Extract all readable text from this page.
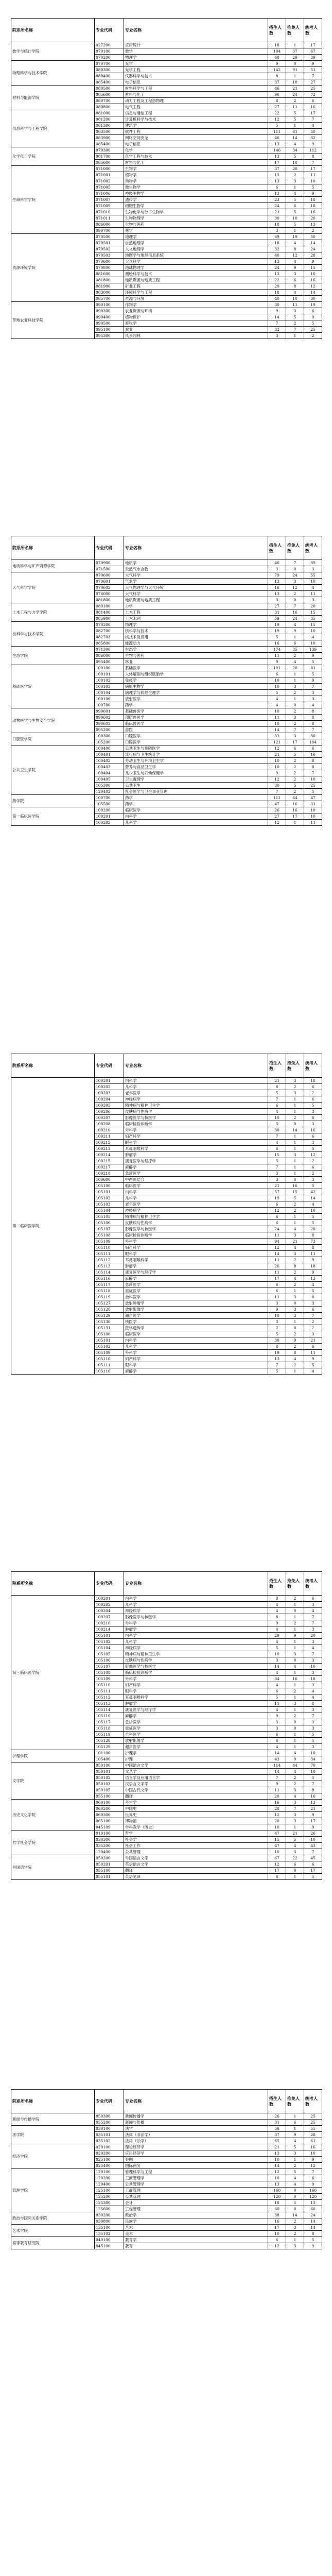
院系所名称	专业代码	专业名称	招生人数	推免人数	统考人数
数学与统计学院	027200	应用统计	18	1	17
	070100	数学	104	37	67
	070200	物理学	68	29	39
物理科学与技术学院	070700	光学	9	0	9
	080300	光学工程	142	91	51
	080400	仪器科学与技术	8	1	7
	085400	电子信息	37	10	27
材料与能源学院	080500	材料科学与工程	46	21	25
	085600	材料与化工	96	24	72
	080700	动力工程及工程热物理	8	2	6
	080800	电气工程	27	11	16
信息科学与工程学院	081000	信息与通信工程	22	5	17
	081200	计算机科学与技术	12	5	7
	081300	建筑学	5	1	4
	083500	软件工程	111	61	50
	083900	网络空间安全	46	14	32
	085400	电子信息	13	4	9
化学化工学院	070300	化学	146	34	112
	081700	化学工程与技术	13	5	8
	085600	材料与化工	17	10	7
生命科学学院	071000	生物学	37	20	17
	071001	植物学	13	2	11
	071002	动物学	13	3	10
	071005	微生物学	6	1	5
	071006	神经生物学	13	4	9
	071007	遗传学	23	5	18
	071009	细胞生物学	24	6	18
	071010	生物化学与分子生物学	21	5	16
	071011	生物物理学	30	10	20
	086000	生物与医药	18	5	13
	090700	林学	3	1	2
资源环境学院	070500	地理学	69	19	50
	070501	自然地理学	18	4	14
	070502	人文地理学	32	8	24
	070503	地图学与地理信息系统	40	12	28
	070600	大气科学	13	4	9
	070800	地球物理学	24	9	15
	081600	测绘科学与技术	13	3	10
	081800	地质资源与地质工程	22	6	16
	081900	矿业工程	20	8	12
	083000	环境科学与工程	18	4	14
	085700	资源与环境	40	10	30
草地农业科技学院	090100	作物学	30	11	19
	090300	农业资源与环境	9	3	6
	090400	植物保护	14	5	9
	090500	畜牧学	7	2	5
	095100	农业	32	7	25
	095300	风景园林	3	1	2
院系所名称	专业代码	专业名称	招生人数	推免人数	统考人数
地质科学与矿产资源学院	070900	地质学	46	7	39
	071500	天然气水合物	3	0	3
大气科学学院	070600	大气科学	79	24	55
	070601	气象学	13	3	10
	070602	大气物理学与大气环境	16	12	4
	076000	大气科学	13	2	11
	081800	地质资源与地质工程	3	0	3
土木工程与力学学院	080100	力学	27	7	20
	081400	土木工程	31	16	15
	085900	土木水利	59	24	35
核科学与技术学院	070200	物理学	19	4	15
	082700	核科学与技术	19	9	10
	082703	核技术及应用	5	1	4
	085800	能源动力	16	6	10
生态学院	071300	生态学	174	35	139
	086000	生物与医药	11	2	9
	095400	林业	9	4	5
基础医学院	100100	基础医学	101	20	81
	100101	人体解剖与组织胚胎学	6	1	5
	100102	免疫学	10	1	9
	100103	病原生物学	10	3	7
	100104	病理学与病理生理学	5	2	3
	100106	放射医学	4	1	3
	100700	药学	4	0	4
动物医学与生物安全学院	090601	基础兽医学	10	2	8
	090602	预防兽医学	11	3	8
	090603	临床兽医学	10	2	8
	095200	兽医	14	7	7
口腔医学院	100300	口腔医学	33	3	30
	105200	口腔医学	121	17	104
公共卫生学院	100400	公共卫生与预防医学	12	6	6
	100401	流行病与卫生统计学	21	5	16
	100402	劳动卫生与环境卫生学	10	2	8
	100403	营养与食品卫生学	10	2	8
	100404	儿少卫生与妇幼保健学	9	2	7
	100405	卫生毒理学	12	2	10
	105300	公共卫生	30	5	25
	120402	社会医学与卫生事业管理	7	2	5
药学院	100700	药学	111	64	47
	105500	药学	47	16	31
第一临床医学院	100200	临床医学	26	16	10
	100201	内科学	27	17	10
	100202	儿科学	12	1	11
院系所名称	专业代码	专业名称	招生人数	推免人数	统考人数
第二临床医学院	100201	内科学	21	3	18
	100202	儿科学	8	2	6
	100203	老年医学	5	3	2
	100204	神经病学	7	1	6
	100205	精神病与精神卫生学	6	1	5
	100206	皮肤病与性病学	4	1	3
	100207	影像医学与核医学	10	2	8
	100208	临床检验诊断学	3	0	3
	100210	外科学	30	14	16
	100211	妇产科学	7	1	6
	100212	眼科学	4	1	3
	100213	耳鼻咽喉科学	6	1	5
	100214	肿瘤学	15	3	12
	100215	康复医学与理疗学	3	1	2
	100217	麻醉学	7	1	6
	100218	急诊医学	3	1	2
	100600	中西医结合	3	0	3
	105100	临床医学	21	16	5
	105101	内科学	57	15	42
	105102	儿科学	19	5	14
	105103	老年医学	6	2	4
	105104	神经病学	12	2	10
	105105	精神病与精神卫生学	6	1	5
	105106	皮肤病与性病学	6	1	5
	105107	影像医学与核医学	24	4	20
	105108	临床检验诊断学	11	3	8
	105109	外科学	94	21	73
	105110	妇产科学	12	4	8
	105111	眼科学	14	3	11
	105112	耳鼻咽喉科学	11	2	9
	105113	肿瘤学	26	8	18
	105114	康复医学与理疗学	11	2	9
	105116	麻醉学	17	4	13
	105117	急诊医学	6	2	4
	105118	重症医学	6	1	5
	105119	全科医学	11	3	8
	105127	放射肿瘤学	3	0	3
	105128	放射影像学	9	3	6
	105129	超声医学	10	3	7
	105130	核医学	3	1	2
	105131	医学遗传学	2	0	2
	105100	临床医学	5	2	3
	105101	内科学	30	9	21
	105102	儿科学	8	2	6
	105109	外科学	19	8	11
	105110	妇产科学	13	4	9
	105111	眼科学	7	2	5
	105116	麻醉学	5	1	4
院系所名称	专业代码	专业名称	招生人数	推免人数	统考人数
第三临床医学院	100201	内科学	8	2	6
	100202	儿科学	4	1	3
	100204	神经病学	4	0	4
	100207	影像医学与核医学	8	1	7
	100210	外科学	9	2	7
	100214	肿瘤学	4	1	3
	105101	内科学	29	9	20
	105102	儿科学	4	1	3
	105104	神经病学	5	1	4
	105105	精神病与精神卫生学	10	3	7
	105106	皮肤病与性病学	3	0	3
	105107	影像医学与核医学	14	4	10
	105108	临床检验诊断学	4	1	3
	105109	外科学	34	16	18
	105110	妇产科学	4	1	3
	105111	眼科学	6	2	4
	105112	耳鼻咽喉科学	5	1	4
	105113	肿瘤学	11	3	8
	105114	康复医学与理疗学	4	1	3
	105116	麻醉学	9	2	7
	105117	急诊医学	3	0	3
	105118	重症医学	3	0	3
	105119	全科医学	6	1	5
	105128	放射影像学	6	1	5
	105129	超声医学	4	1	3
护理学院	101100	护理学	14	4	10
	105400	护理	43	9	34
文学院	050100	中国语言文学	114	44	70
	050101	文艺学	14	4	10
	050102	语言学及应用语言学	7	2	5
	050103	汉语言文字学	9	2	7
	050105	中国古代文学	11	3	8
	055100	翻译	20	4	16
历史文化学院	060100	考古学	16	3	13
	060200	中国史	28	7	21
	060300	世界史	12	3	9
	065100	博物馆	20	3	17
	045109	学科教学（历史）	10	1	9
哲学社会学院	010100	哲学	47	21	26
	030300	社会学	15	5	10
	035200	社会工作	47	4	43
	120400	公共管理	10	3	7
外国语学院	050200	外国语言文学	67	22	45
	050201	英语语言文学	12	6	6
	055100	翻译	17	0	17
	055101	英语笔译	6	1	5
院系所名称	专业代码	专业名称	招生人数	推免人数	统考人数
新闻与传播学院	050300	新闻传播学	26	1	25
	055200	新闻与传播	31	6	25
法学院	030100	法学	56	1	55
	035101	法律（非法学）	37	9	28
	035102	法律（法学）	65	4	61
经济学院	020100	理论经济学	21	5	16
	020200	应用经济学	13	3	10
	025100	金融	10	1	9
	025400	国际商务	14	2	12
管理学院	120100	管理科学与工程	12	5	7
	120200	工商管理学	10	4	6
	120400	公共管理学	13	4	9
	125100	工商管理	160	0	160
	125200	公共管理	120	0	120
	125300	会计	18	5	13
	125600	工程管理	60	0	60
政治与国际关系学院	030200	政治学	38	14	24
	030800	民族学	16	2	14
艺术学院	135100	艺术	17	3	14
	135102	美术	10	2	8
高等教育研究院	040100	教育学	6	1	5
	045100	教育	12	3	9
